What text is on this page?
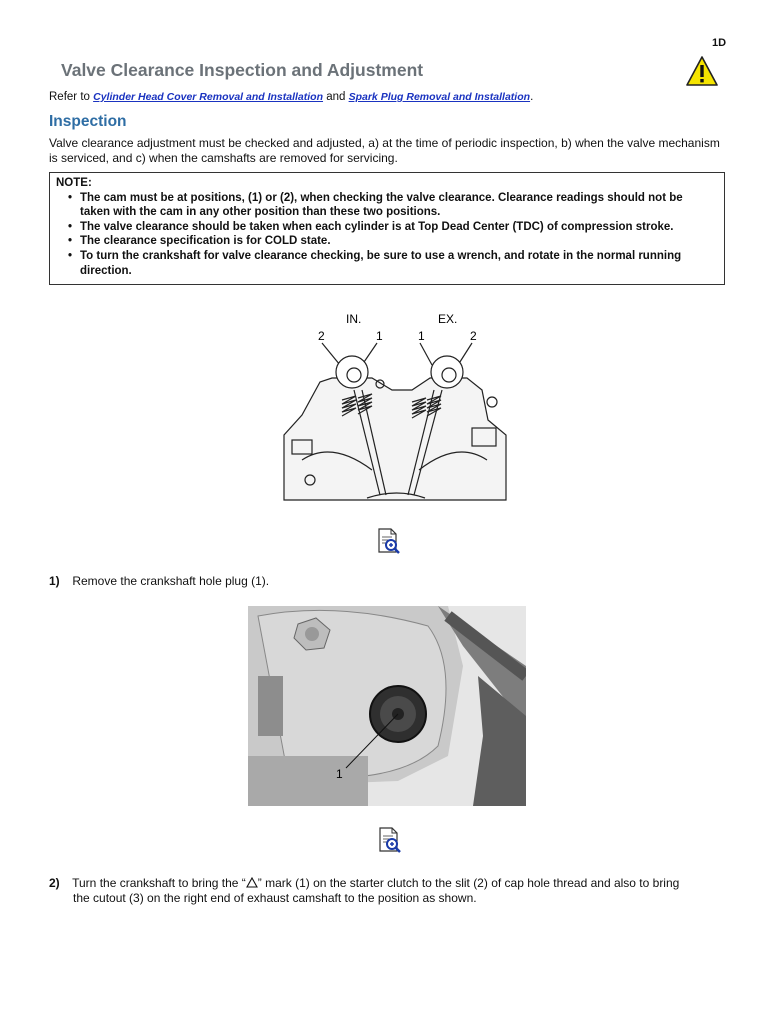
1D
Valve Clearance Inspection and Adjustment
Refer to Cylinder Head Cover Removal and Installation and Spark Plug Removal and Installation.
Inspection
Valve clearance adjustment must be checked and adjusted, a) at the time of periodic inspection, b) when the valve mechanism is serviced, and c) when the camshafts are removed for servicing.
NOTE:
• The cam must be at positions, (1) or (2), when checking the valve clearance. Clearance readings should not be taken with the cam in any other position than these two positions.
• The valve clearance should be taken when each cylinder is at Top Dead Center (TDC) of compression stroke.
• The clearance specification is for COLD state.
• To turn the crankshaft for valve clearance checking, be sure to use a wrench, and rotate in the normal running direction.
IN.	EX.
2	1	1	2
1) Remove the crankshaft hole plug (1).
1
2) Turn the crankshaft to bring the “ ” mark (1) on the starter clutch to the slit (2) of cap hole thread and also to bring
the cutout (3) on the right end of exhaust camshaft to the position as shown.
